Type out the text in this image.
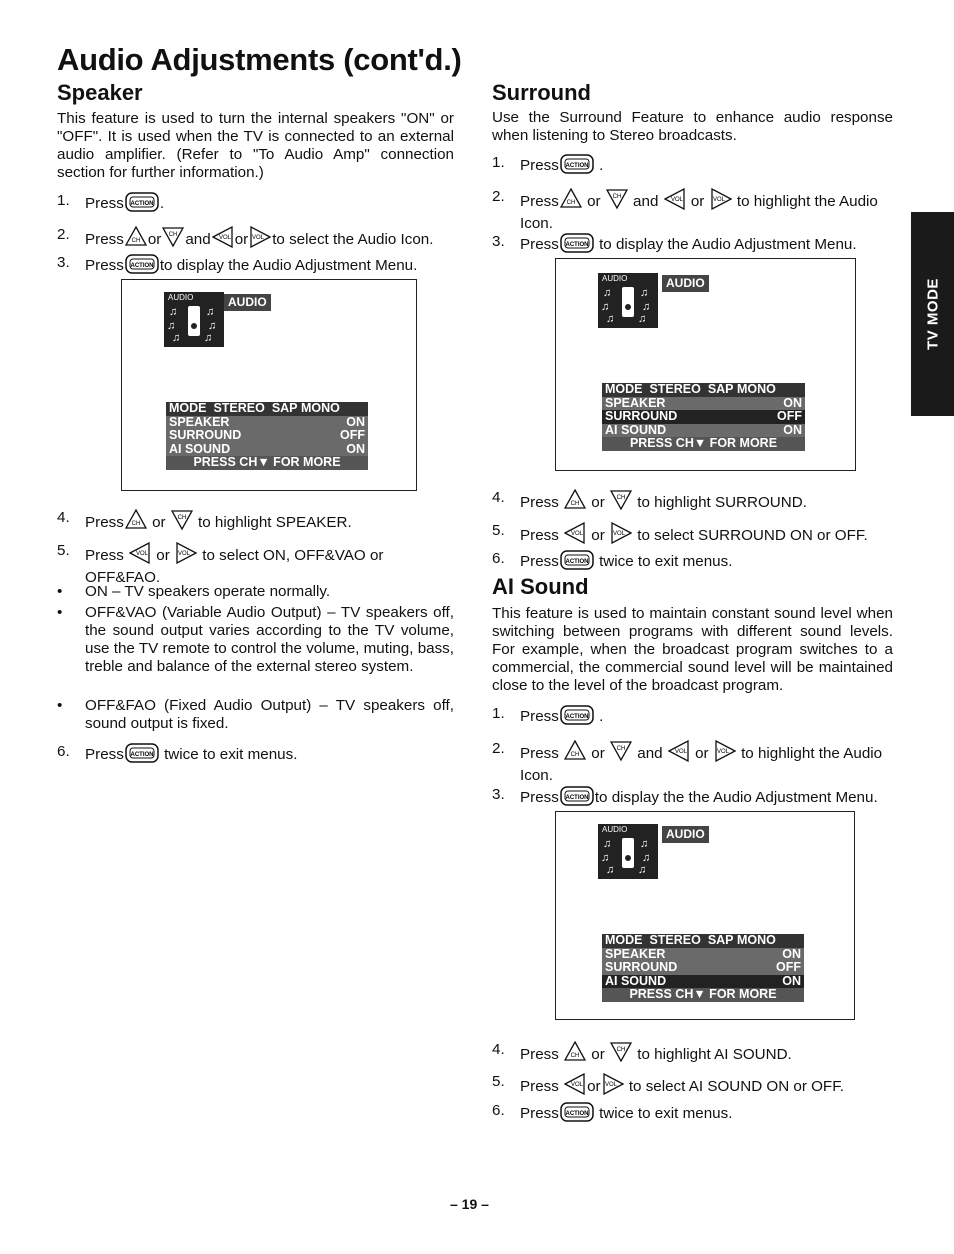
Audio Adjustments (cont'd.)
TV MODE
Speaker
This feature is used to turn the internal speakers "ON" or "OFF". It is used when the TV is connected to an external audio amplifier. (Refer to "To Audio Amp" connection section for further information.)
1.	Press ACTION .
2.	Press CH or CH and VOL or VOL to select the Audio Icon.
3.	Press ACTION to display the Audio Adjustment Menu.
AUDIO
♫	♫
♫	♫
♫ ♫
AUDIO
MODE STEREO SAP MONO
SPEAKER	ON
SURROUND	OFF
AI SOUND	ON
PRESS CH▼ FOR MORE
4.	Press CH or CH to highlight SPEAKER.
5.	Press VOL or VOL to select ON, OFF&VAO or OFF&FAO.
• ON – TV speakers operate normally.
• OFF&VAO (Variable Audio Output) – TV speakers off, the sound output varies according to the TV volume, use the TV remote to control the volume, muting, bass, treble and balance of the external stereo system.
• OFF&FAO (Fixed Audio Output) – TV speakers off, sound output is fixed.
6.	Press ACTION twice to exit menus.
Surround
Use the Surround Feature to enhance audio response when listening to Stereo broadcasts.
1.	Press ACTION .
2.	Press CH or CH and VOL or VOL to highlight the Audio Icon.
3.	Press ACTION to display the Audio Adjustment Menu.
AUDIO
♫	♫
♫	♫
♫ ♫
AUDIO
MODE STEREO SAP MONO
SPEAKER	ON
SURROUND	OFF
AI SOUND	ON
PRESS CH▼ FOR MORE
4.	Press CH or CH to highlight SURROUND.
5.	Press VOL or VOL to select SURROUND ON or OFF.
6.	Press ACTION twice to exit menus.
AI Sound
This feature is used to maintain constant sound level when switching between programs with different sound levels. For example, when the broadcast program switches to a commercial, the commercial sound level will be maintained close to the level of the broadcast program.
1.	Press ACTION .
2.	Press CH or CH and VOL or VOL to highlight the Audio Icon.
3.	Press ACTION to display the the Audio Adjustment Menu.
AUDIO
♫	♫
♫	♫
♫ ♫
AUDIO
MODE STEREO SAP MONO
SPEAKER	ON
SURROUND	OFF
AI SOUND	ON
PRESS CH▼ FOR MORE
4.	Press CH or CH to highlight AI SOUND.
5.	Press VOL or VOL to select AI SOUND ON or OFF.
6.	Press ACTION twice to exit menus.
– 19 –
